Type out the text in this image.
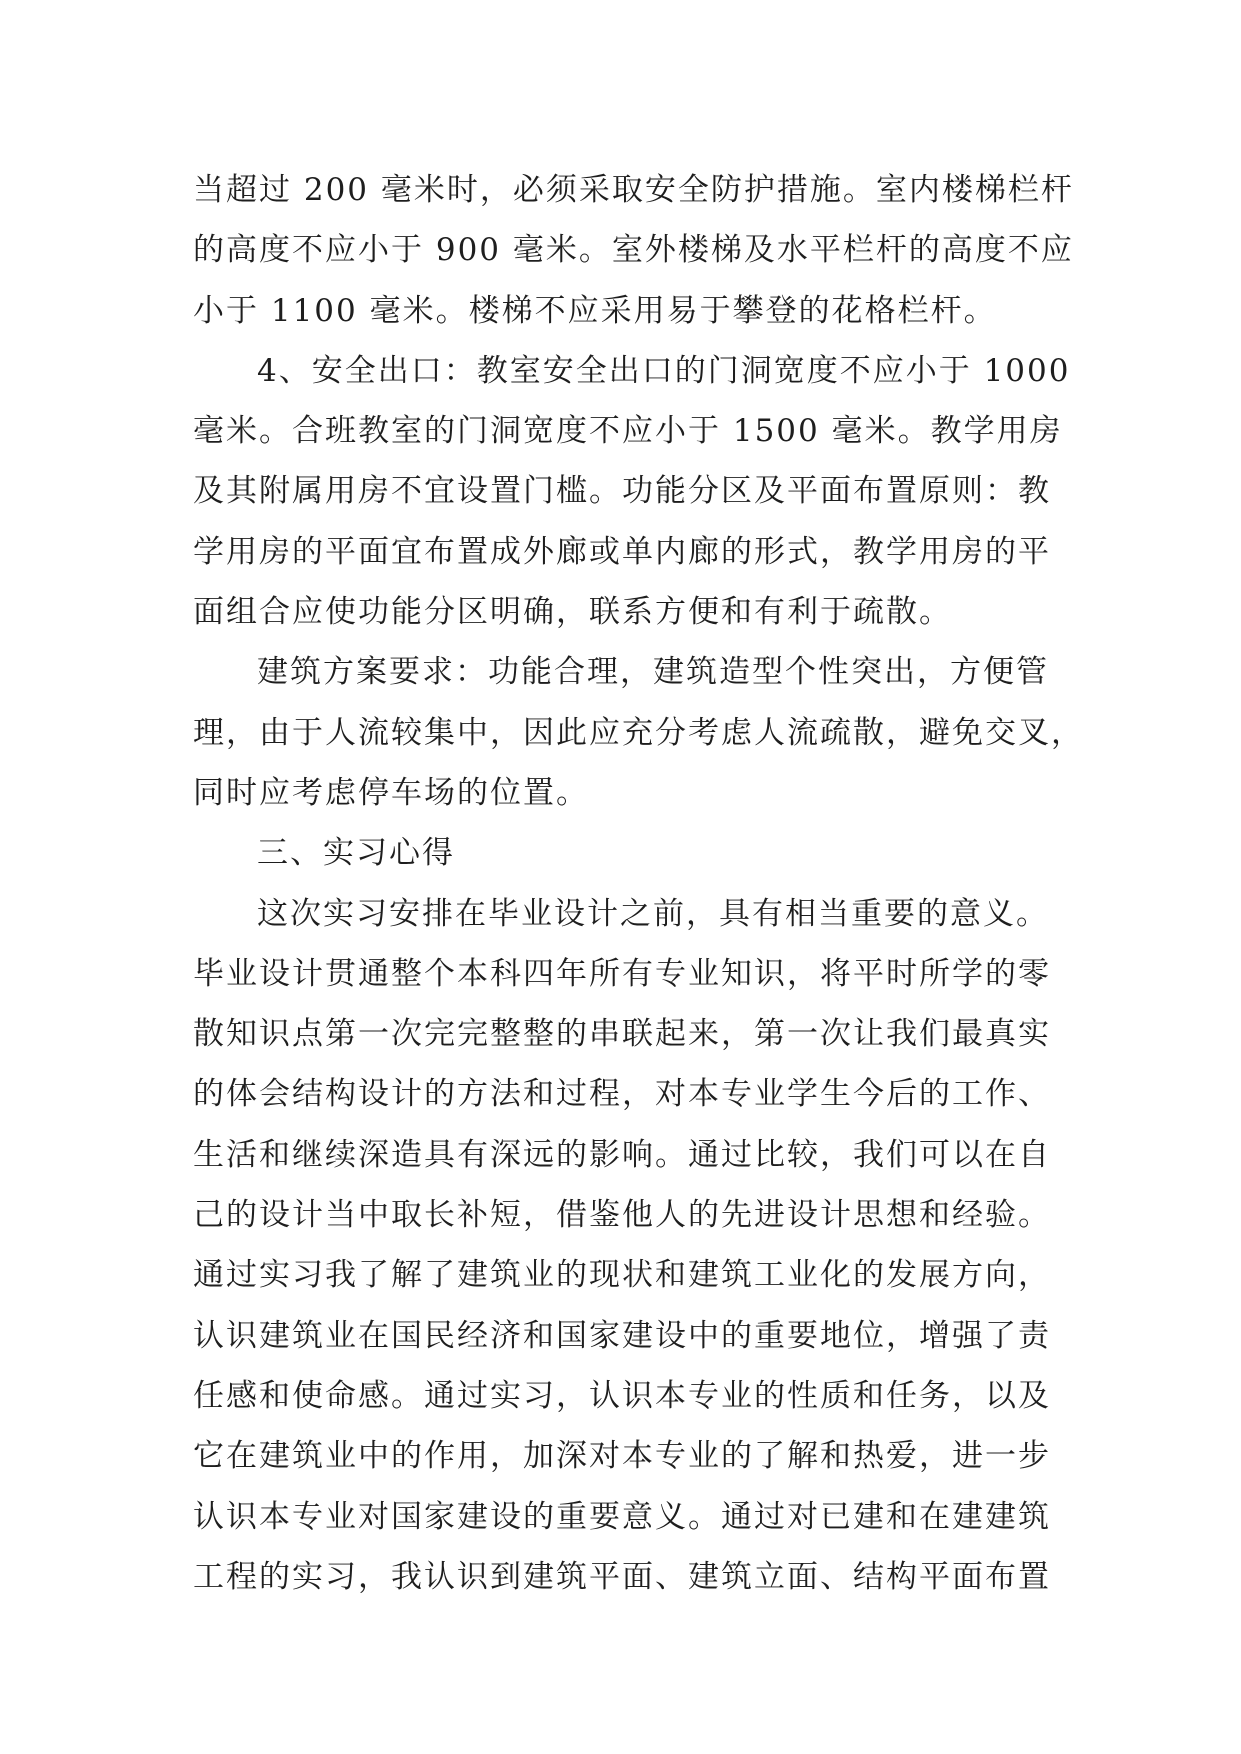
当超过 200 毫米时，必须采取安全防护措施。室内楼梯栏杆
的高度不应小于 900 毫米。室外楼梯及水平栏杆的高度不应
小于 1100 毫米。楼梯不应采用易于攀登的花格栏杆。
4、安全出口：教室安全出口的门洞宽度不应小于 1000
毫米。合班教室的门洞宽度不应小于 1500 毫米。教学用房
及其附属用房不宜设置门槛。功能分区及平面布置原则：教
学用房的平面宜布置成外廊或单内廊的形式，教学用房的平
面组合应使功能分区明确，联系方便和有利于疏散。
建筑方案要求：功能合理，建筑造型个性突出，方便管
理，由于人流较集中，因此应充分考虑人流疏散，避免交叉，
同时应考虑停车场的位置。
三、实习心得
这次实习安排在毕业设计之前，具有相当重要的意义。
毕业设计贯通整个本科四年所有专业知识，将平时所学的零
散知识点第一次完完整整的串联起来，第一次让我们最真实
的体会结构设计的方法和过程，对本专业学生今后的工作、
生活和继续深造具有深远的影响。通过比较，我们可以在自
己的设计当中取长补短，借鉴他人的先进设计思想和经验。
通过实习我了解了建筑业的现状和建筑工业化的发展方向，
认识建筑业在国民经济和国家建设中的重要地位，增强了责
任感和使命感。通过实习，认识本专业的性质和任务，以及
它在建筑业中的作用，加深对本专业的了解和热爱，进一步
认识本专业对国家建设的重要意义。通过对已建和在建建筑
工程的实习，我认识到建筑平面、建筑立面、结构平面布置
